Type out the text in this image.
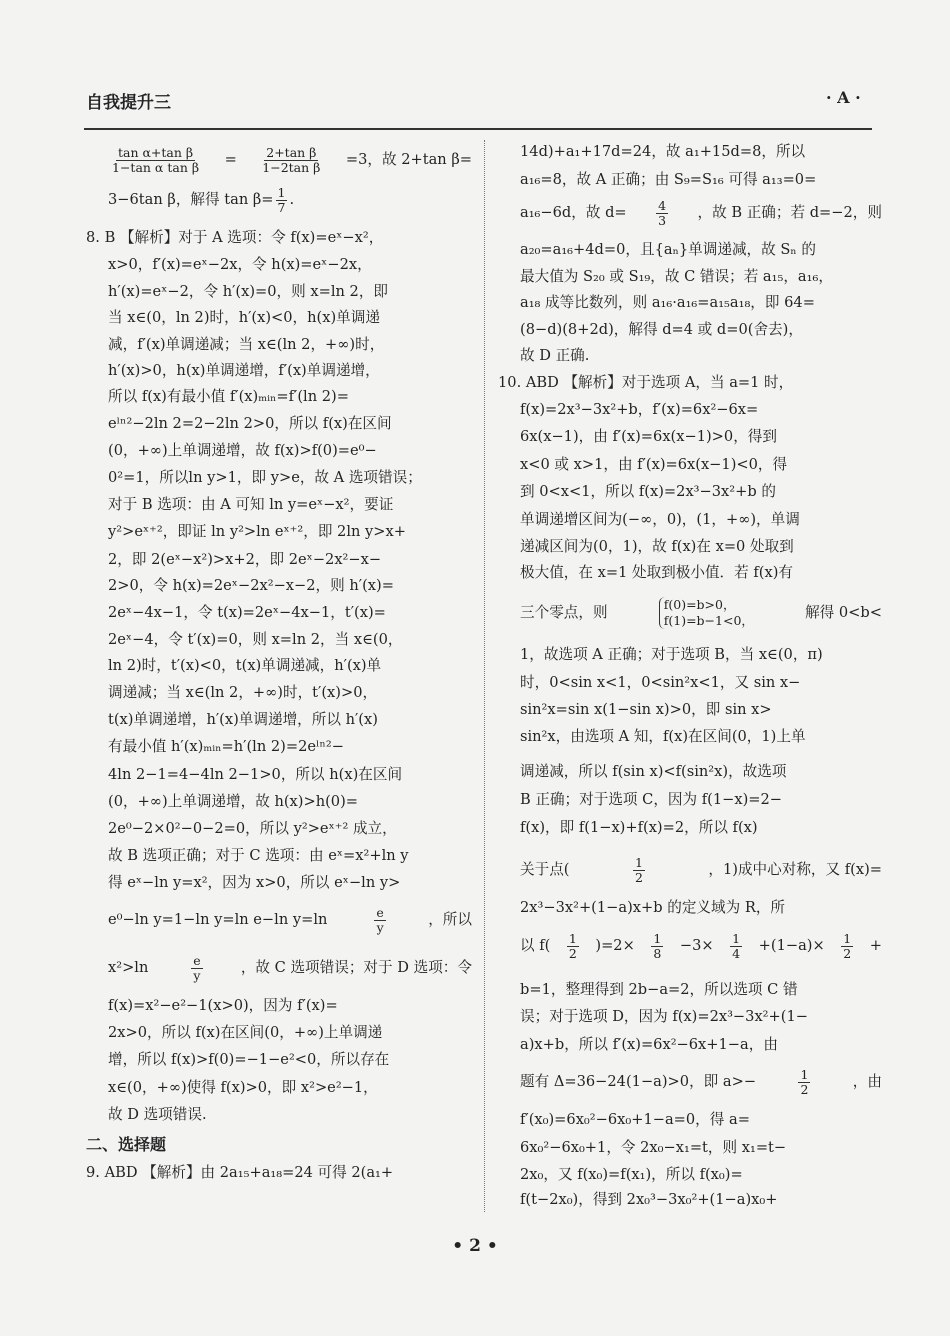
自我提升三	· A ·
$\frac{\text{tan α+tan β}}{\text{1−tan α tan β}} = \frac{\text{2+tan β}}{\text{1−2tan β}} =3$，故 2+tan β=
3−6tan β，解得 $\tan \beta= \frac{1}{7}$ .
8. B 【解析】对于 A 选项：令 f(x)=eˣ−x²，
x>0，f′(x)=eˣ−2x，令 h(x)=eˣ−2x，
h′(x)=eˣ−2，令 h′(x)=0，则 x=ln 2，即
当 x∈(0，ln 2)时，h′(x)<0，h(x)单调递
减，f′(x)单调递减；当 x∈(ln 2，+∞)时，
h′(x)>0，h(x)单调递增，f′(x)单调递增，
所以 f(x)有最小值 f′(x)ₘᵢₙ=f′(ln 2)=
eˡⁿ²−2ln 2=2−2ln 2>0，所以 f(x)在区间
(0，+∞)上单调递增，故 f(x)>f(0)=e⁰−
0²=1，所以ln y>1，即 y>e，故 A 选项错误；
对于 B 选项：由 A 可知 ln y=eˣ−x²，要证
y²>eˣ⁺²，即证 ln y²>ln eˣ⁺²，即 2ln y>x+
2，即 2(eˣ−x²)>x+2，即 2eˣ−2x²−x−
2>0，令 h(x)=2eˣ−2x²−x−2，则 h′(x)=
2eˣ−4x−1，令 t(x)=2eˣ−4x−1，t′(x)=
2eˣ−4，令 t′(x)=0，则 x=ln 2，当 x∈(0，
ln 2)时，t′(x)<0，t(x)单调递减，h′(x)单
调递减；当 x∈(ln 2，+∞)时，t′(x)>0，
t(x)单调递增，h′(x)单调递增，所以 h′(x)
有最小值 h′(x)ₘᵢₙ=h′(ln 2)=2eˡⁿ²−
4ln 2−1=4−4ln 2−1>0，所以 h(x)在区间
(0，+∞)上单调递增，故 h(x)>h(0)=
2e⁰−2×0²−0−2=0，所以 y²>eˣ⁺² 成立，
故 B 选项正确；对于 C 选项：由 eˣ=x²+ln y
得 eˣ−ln y=x²，因为 x>0，所以 eˣ−ln y>
e⁰−ln y=1−ln y=ln e−ln y=ln	$\frac{e}{y}$	，所以
x²>ln	$\frac{e}{y}$	，故 C 选项错误；对于 D 选项：令
f(x)=x²−e²−1(x>0)，因为 f′(x)=
2x>0，所以 f(x)在区间(0，+∞)上单调递
增，所以 f(x)>f(0)=−1−e²<0，所以存在
x∈(0，+∞)使得 f(x)>0，即 x²>e²−1，
故 D 选项错误.
二、选择题
9. ABD 【解析】由 2a₁₅+a₁₈=24 可得 2(a₁+
14d)+a₁+17d=24，故 a₁+15d=8，所以
a₁₆=8，故 A 正确；由 S₉=S₁₆ 可得 a₁₃=0=
a₁₆−6d，故 $d= \frac{4}{3}$ ，故 B 正确；若 d=−2，则
a₂₀=a₁₆+4d=0，且{aₙ}单调递减，故 Sₙ 的
最大值为 S₂₀ 或 S₁₉，故 C 错误；若 a₁₅，a₁₆，
a₁₈ 成等比数列，则 a₁₆·a₁₆=a₁₅a₁₈，即 64=
(8−d)(8+2d)，解得 d=4 或 d=0(舍去)，
故 D 正确.
10. ABD 【解析】对于选项 A，当 a=1 时，
f(x)=2x³−3x²+b，f′(x)=6x²−6x=
6x(x−1)，由 f′(x)=6x(x−1)>0，得到
x<0 或 x>1，由 f′(x)=6x(x−1)<0，得
到 0<x<1，所以 f(x)=2x³−3x²+b 的
单调递增区间为(−∞，0)，(1，+∞)，单调
递减区间为(0，1)，故 f(x)在 x=0 处取到
极大值，在 x=1 处取到极小值．若 f(x)有
三个零点，则	f(0)=b>0，
f(1)=b−1<0，	解得 0<b<
1，故选项 A 正确；对于选项 B，当 x∈(0，π)
时，0<sin x<1，0<sin²x<1，又 sin x−
sin²x=sin x(1−sin x)>0，即 sin x>
sin²x，由选项 A 知，f(x)在区间(0，1)上单
调递减，所以 f(sin x)<f(sin²x)，故选项
B 正确；对于选项 C，因为 f(1−x)=2−
f(x)，即 f(1−x)+f(x)=2，所以 f(x)
关于点(	$\frac{1}{2}$	，1)成中心对称，又 f(x)=
2x³−3x²+(1−a)x+b 的定义域为 R，所
以 $f( \frac{1}{2} )=2\times \frac{1}{8} -3\times \frac{1}{4} +(1-a)\times \frac{1}{2}$ +
b=1，整理得到 2b−a=2，所以选项 C 错
误；对于选项 D，因为 f(x)=2x³−3x²+(1−
a)x+b，所以 f′(x)=6x²−6x+1−a，由
题有 Δ=36−24(1−a)>0，即 a>−	$\frac{1}{2}$	，由
f′(x₀)=6x₀²−6x₀+1−a=0，得 a=
6x₀²−6x₀+1，令 2x₀−x₁=t，则 x₁=t−
2x₀，又 f(x₀)=f(x₁)，所以 f(x₀)=
f(t−2x₀)，得到 2x₀³−3x₀²+(1−a)x₀+
• 2 •
